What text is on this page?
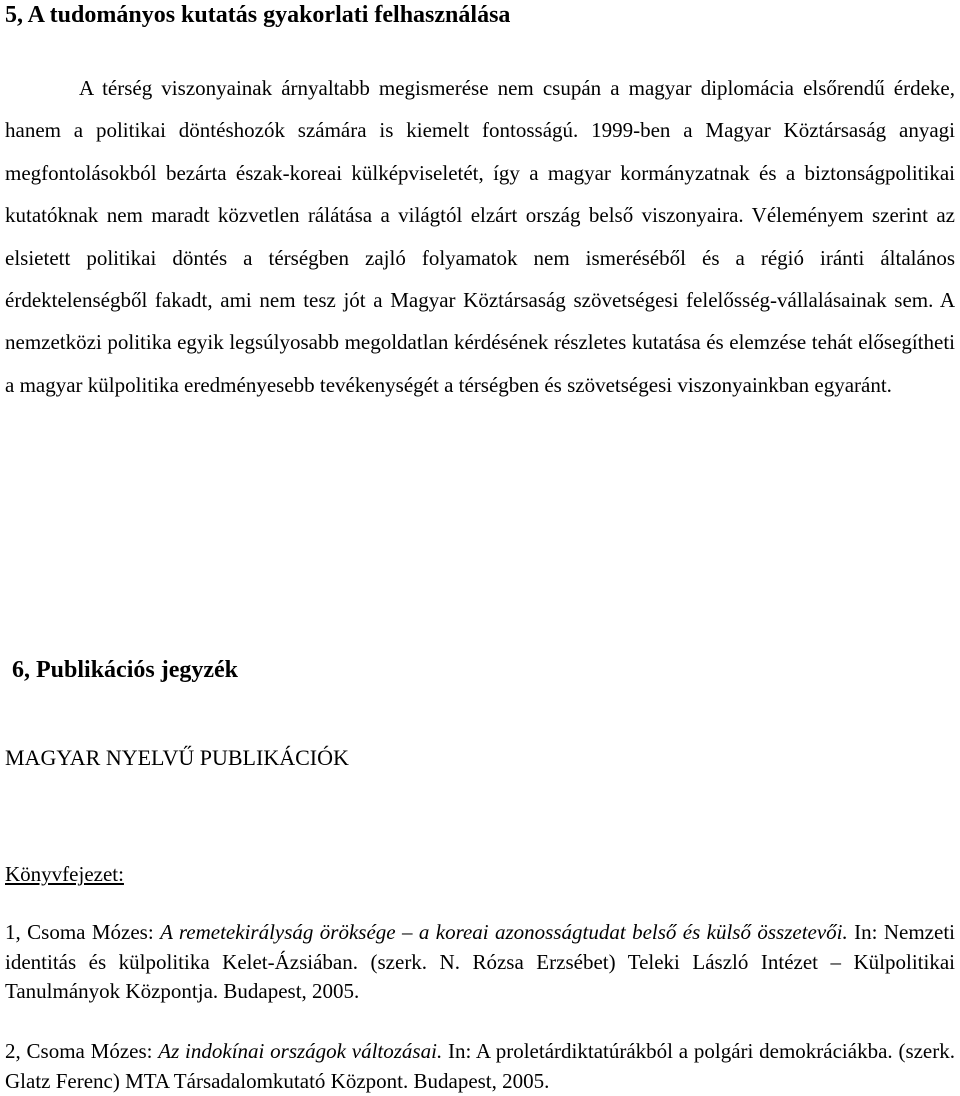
5, A tudományos kutatás gyakorlati felhasználása

A térség viszonyainak árnyaltabb megismerése nem csupán a magyar diplomácia elsőrendű érdeke, hanem a politikai döntéshozók számára is kiemelt fontosságú. 1999-ben a Magyar Köztársaság anyagi megfontolásokból bezárta észak-koreai külképviseletét, így a magyar kormányzatnak és a biztonságpolitikai kutatóknak nem maradt közvetlen rálátása a világtól elzárt ország belső viszonyaira. Véleményem szerint az elsietett politikai döntés a térségben zajló folyamatok nem ismeréséből és a régió iránti általános érdektelenségből fakadt, ami nem tesz jót a Magyar Köztársaság szövetségesi felelősség-vállalásainak sem. A nemzetközi politika egyik legsúlyosabb megoldatlan kérdésének részletes kutatása és elemzése tehát elősegítheti a magyar külpolitika eredményesebb tevékenységét a térségben és szövetségesi viszonyainkban egyaránt.

6, Publikációs jegyzék
MAGYAR NYELVŰ PUBLIKÁCIÓK
Könyvfejezet:

1, Csoma Mózes: A remetekirályság öröksége – a koreai azonosságtudat belső és külső összetevői. In: Nemzeti identitás és külpolitika Kelet-Ázsiában. (szerk. N. Rózsa Erzsébet) Teleki László Intézet – Külpolitikai Tanulmányok Központja. Budapest, 2005.

2, Csoma Mózes: Az indokínai országok változásai. In: A proletárdiktatúrákból a polgári demokráciákba. (szerk. Glatz Ferenc) MTA Társadalomkutató Központ. Budapest, 2005.
